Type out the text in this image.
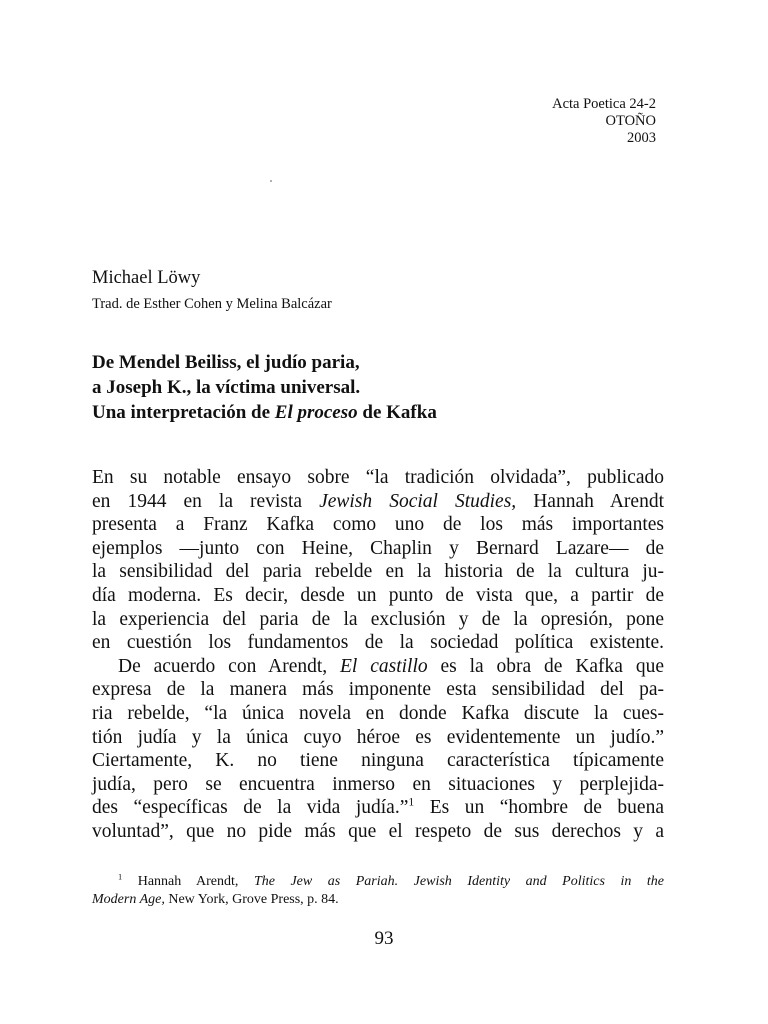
Acta Poetica 24-2
OTOÑO
2003
Michael Löwy
Trad. de Esther Cohen y Melina Balcázar
De Mendel Beiliss, el judío paria,
a Joseph K., la víctima universal.
Una interpretación de El proceso de Kafka
En su notable ensayo sobre “la tradición olvidada”, publicado
en 1944 en la revista Jewish Social Studies, Hannah Arendt
presenta a Franz Kafka como uno de los más importantes
ejemplos —junto con Heine, Chaplin y Bernard Lazare— de
la sensibilidad del paria rebelde en la historia de la cultura ju-
día moderna. Es decir, desde un punto de vista que, a partir de
la experiencia del paria de la exclusión y de la opresión, pone
en cuestión los fundamentos de la sociedad política existente.
De acuerdo con Arendt, El castillo es la obra de Kafka que
expresa de la manera más imponente esta sensibilidad del pa-
ria rebelde, “la única novela en donde Kafka discute la cues-
tión judía y la única cuyo héroe es evidentemente un judío.”
Ciertamente, K. no tiene ninguna característica típicamente
judía, pero se encuentra inmerso en situaciones y perplejida-
des “específicas de la vida judía.”$^1$ Es un “hombre de buena
voluntad”, que no pide más que el respeto de sus derechos y a
$^1$ Hannah Arendt, The Jew as Pariah. Jewish Identity and Politics in the
Modern Age, New York, Grove Press, p. 84.
93
